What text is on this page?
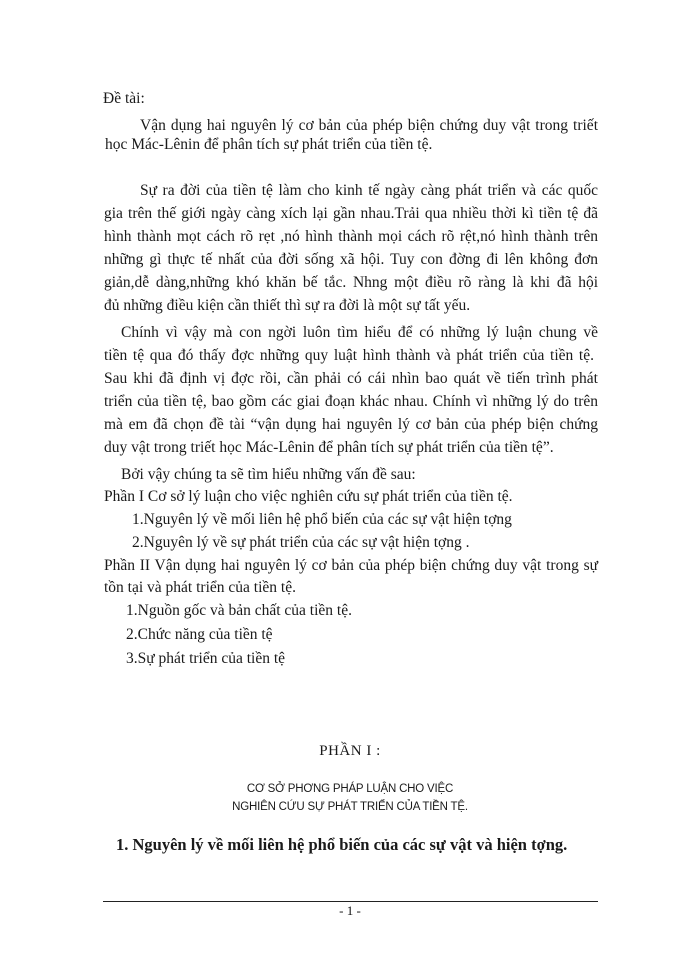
Đề tài:
Vận dụng hai nguyên lý cơ bản của phép biện chứng duy vật trong triết
học Mác-Lênin để phân tích sự phát triển của tiền tệ.
Sự ra đời của tiền tệ làm cho kinh tế ngày càng phát triển và các quốc
gia trên thế giới ngày càng xích lại gần nhau.Trải qua nhiều thời kì tiền tệ đã
hình thành mọt cách rõ rẹt ,nó hình thành mọi cách rõ rệt,nó hình thành trên
những gì thực tế nhất của đời sống xã hội. Tuy con đờng đi lên không đơn
giản,dễ dàng,những khó khăn bế tắc. Nhng một điều rõ ràng là khi đã hội
đủ những điều kiện cần thiết thì sự ra đời là một sự tất yếu.
Chính vì vậy mà con ngời luôn tìm hiểu để có những lý luận chung về
tiền tệ qua đó thấy đợc những quy luật hình thành và phát triển của tiền tệ.
Sau khi đã định vị đợc rồi, cần phải có cái nhìn bao quát về tiến trình phát
triển của tiền tệ, bao gồm các giai đoạn khác nhau. Chính vì những lý do trên
mà em đã chọn đề tài “vận dụng hai nguyên lý cơ bản của phép biện chứng
duy vật trong triết học Mác-Lênin để phân tích sự phát triển của tiền tệ”.
Bởi vậy chúng ta sẽ tìm hiểu những vấn đề sau:
Phần I Cơ sở lý luận cho việc nghiên cứu sự phát triển của tiền tệ.
1.Nguyên lý về mối liên hệ phổ biến của các sự vật hiện tợng
2.Nguyên lý về sự phát triển của các sự vật hiện tợng .
Phần II Vận dụng hai nguyên lý cơ bản của phép biện chứng duy vật trong sự
tồn tại và phát triển của tiền tệ.
1.Nguồn gốc và bản chất của tiền tệ.
2.Chức năng của tiền tệ
3.Sự phát triển của tiền tệ
PHẦN I :
CƠ SỞ PHƠNG PHÁP LUẬN CHO VIỆC
NGHIÊN CỨU SỰ PHÁT TRIỂN CỦA TIỀN TỆ.
1. Nguyên lý về mối liên hệ phổ biến của các sự vật và hiện tợng.
- 1 -
